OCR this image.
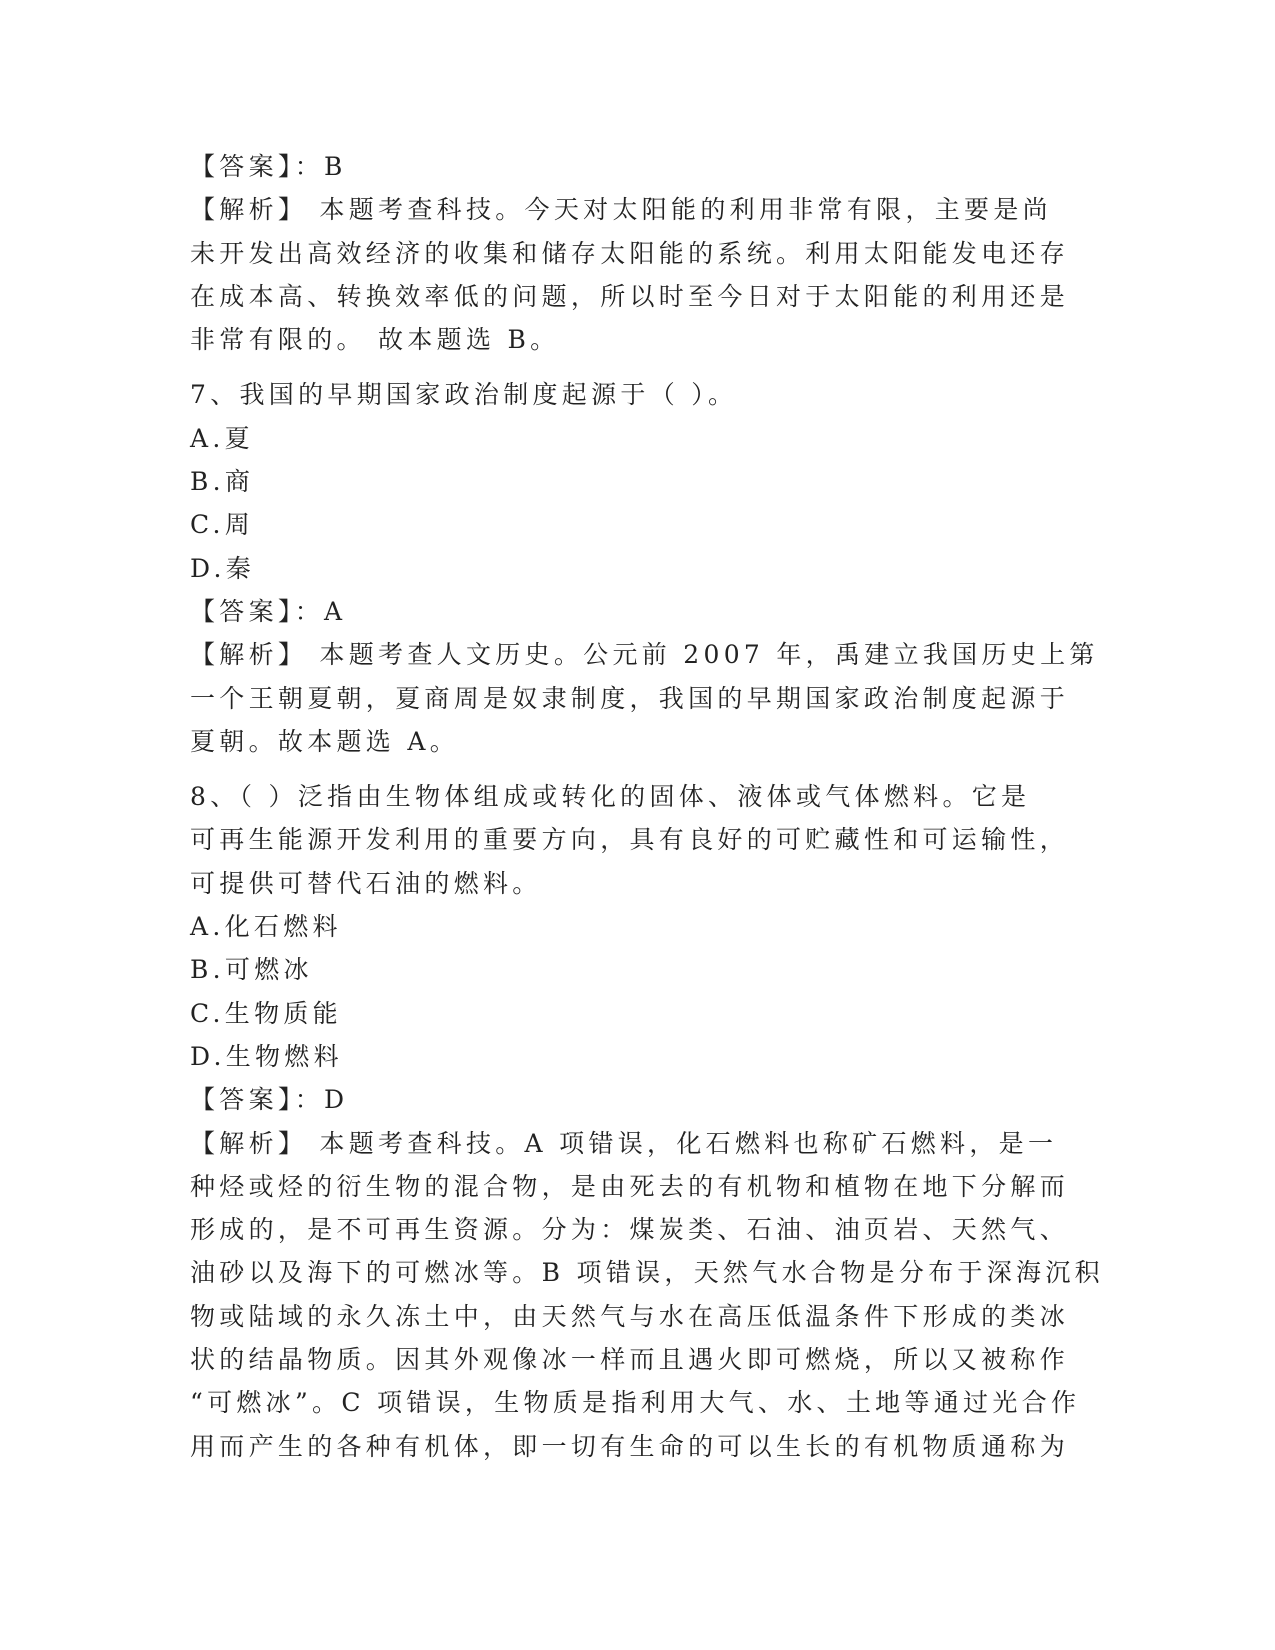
【答案】：B
【解析】 本题考查科技。今天对太阳能的利用非常有限，主要是尚
未开发出高效经济的收集和储存太阳能的系统。利用太阳能发电还存
在成本高、转换效率低的问题，所以时至今日对于太阳能的利用还是
非常有限的。 故本题选 B。
7、我国的早期国家政治制度起源于（ ）。
A.夏
B.商
C.周
D.秦
【答案】：A
【解析】 本题考查人文历史。公元前 2007 年，禹建立我国历史上第
一个王朝夏朝，夏商周是奴隶制度，我国的早期国家政治制度起源于
夏朝。故本题选 A。
8、（ ）泛指由生物体组成或转化的固体、液体或气体燃料。它是
可再生能源开发利用的重要方向，具有良好的可贮藏性和可运输性，
可提供可替代石油的燃料。
A.化石燃料
B.可燃冰
C.生物质能
D.生物燃料
【答案】：D
【解析】 本题考查科技。A 项错误，化石燃料也称矿石燃料，是一
种烃或烃的衍生物的混合物，是由死去的有机物和植物在地下分解而
形成的，是不可再生资源。分为：煤炭类、石油、油页岩、天然气、
油砂以及海下的可燃冰等。B 项错误，天然气水合物是分布于深海沉积
物或陆域的永久冻土中，由天然气与水在高压低温条件下形成的类冰
状的结晶物质。因其外观像冰一样而且遇火即可燃烧，所以又被称作
“可燃冰”。C 项错误，生物质是指利用大气、水、土地等通过光合作
用而产生的各种有机体，即一切有生命的可以生长的有机物质通称为
